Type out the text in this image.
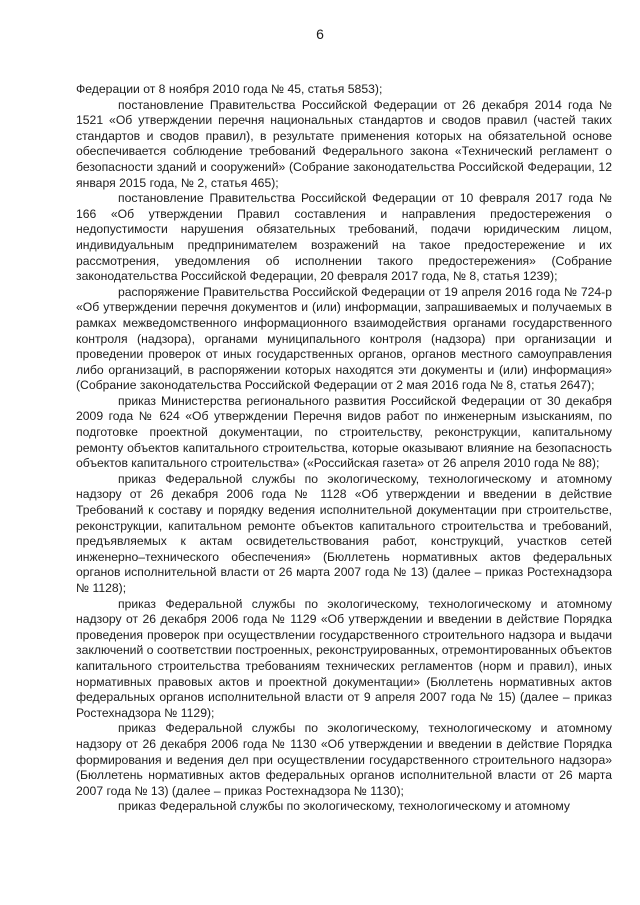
6

Федерации от 8 ноября 2010 года № 45, статья 5853);

постановление Правительства Российской Федерации от 26 декабря 2014 года № 1521 «Об утверждении перечня национальных стандартов и сводов правил (частей таких стандартов и сводов правил), в результате применения которых на обязательной основе обеспечивается соблюдение требований Федерального закона «Технический регламент о безопасности зданий и сооружений» (Собрание законодательства Российской Федерации, 12 января 2015 года, № 2, статья 465);

постановление Правительства Российской Федерации от 10 февраля 2017 года № 166 «Об утверждении Правил составления и направления предостережения о недопустимости нарушения обязательных требований, подачи юридическим лицом, индивидуальным предпринимателем возражений на такое предостережение и их рассмотрения, уведомления об исполнении такого предостережения» (Собрание законодательства Российской Федерации, 20 февраля 2017 года, № 8, статья 1239);

распоряжение Правительства Российской Федерации от 19 апреля 2016 года № 724-р «Об утверждении перечня документов и (или) информации, запрашиваемых и получаемых в рамках межведомственного информационного взаимодействия органами государственного контроля (надзора), органами муниципального контроля (надзора) при организации и проведении проверок от иных государственных органов, органов местного самоуправления либо организаций, в распоряжении которых находятся эти документы и (или) информация» (Собрание законодательства Российской Федерации от 2 мая 2016 года № 8, статья 2647);

приказ Министерства регионального развития Российской Федерации от 30 декабря 2009 года № 624 «Об утверждении Перечня видов работ по инженерным изысканиям, по подготовке проектной документации, по строительству, реконструкции, капитальному ремонту объектов капитального строительства, которые оказывают влияние на безопасность объектов капитального строительства» («Российская газета» от 26 апреля 2010 года № 88);

приказ Федеральной службы по экологическому, технологическому и атомному надзору от 26 декабря 2006 года № 1128 «Об утверждении и введении в действие Требований к составу и порядку ведения исполнительной документации при строительстве, реконструкции, капитальном ремонте объектов капитального строительства и требований, предъявляемых к актам освидетельствования работ, конструкций, участков сетей инженерно–технического обеспечения» (Бюллетень нормативных актов федеральных органов исполнительной власти от 26 марта 2007 года № 13) (далее – приказ Ростехнадзора № 1128);

приказ Федеральной службы по экологическому, технологическому и атомному надзору от 26 декабря 2006 года № 1129 «Об утверждении и введении в действие Порядка проведения проверок при осуществлении государственного строительного надзора и выдачи заключений о соответствии построенных, реконструированных, отремонтированных объектов капитального строительства требованиям технических регламентов (норм и правил), иных нормативных правовых актов и проектной документации» (Бюллетень нормативных актов федеральных органов исполнительной власти от 9 апреля 2007 года № 15) (далее – приказ Ростехнадзора № 1129);

приказ Федеральной службы по экологическому, технологическому и атомному надзору от 26 декабря 2006 года № 1130 «Об утверждении и введении в действие Порядка формирования и ведения дел при осуществлении государственного строительного надзора» (Бюллетень нормативных актов федеральных органов исполнительной власти от 26 марта 2007 года № 13) (далее – приказ Ростехнадзора № 1130);

приказ Федеральной службы по экологическому, технологическому и атомному
